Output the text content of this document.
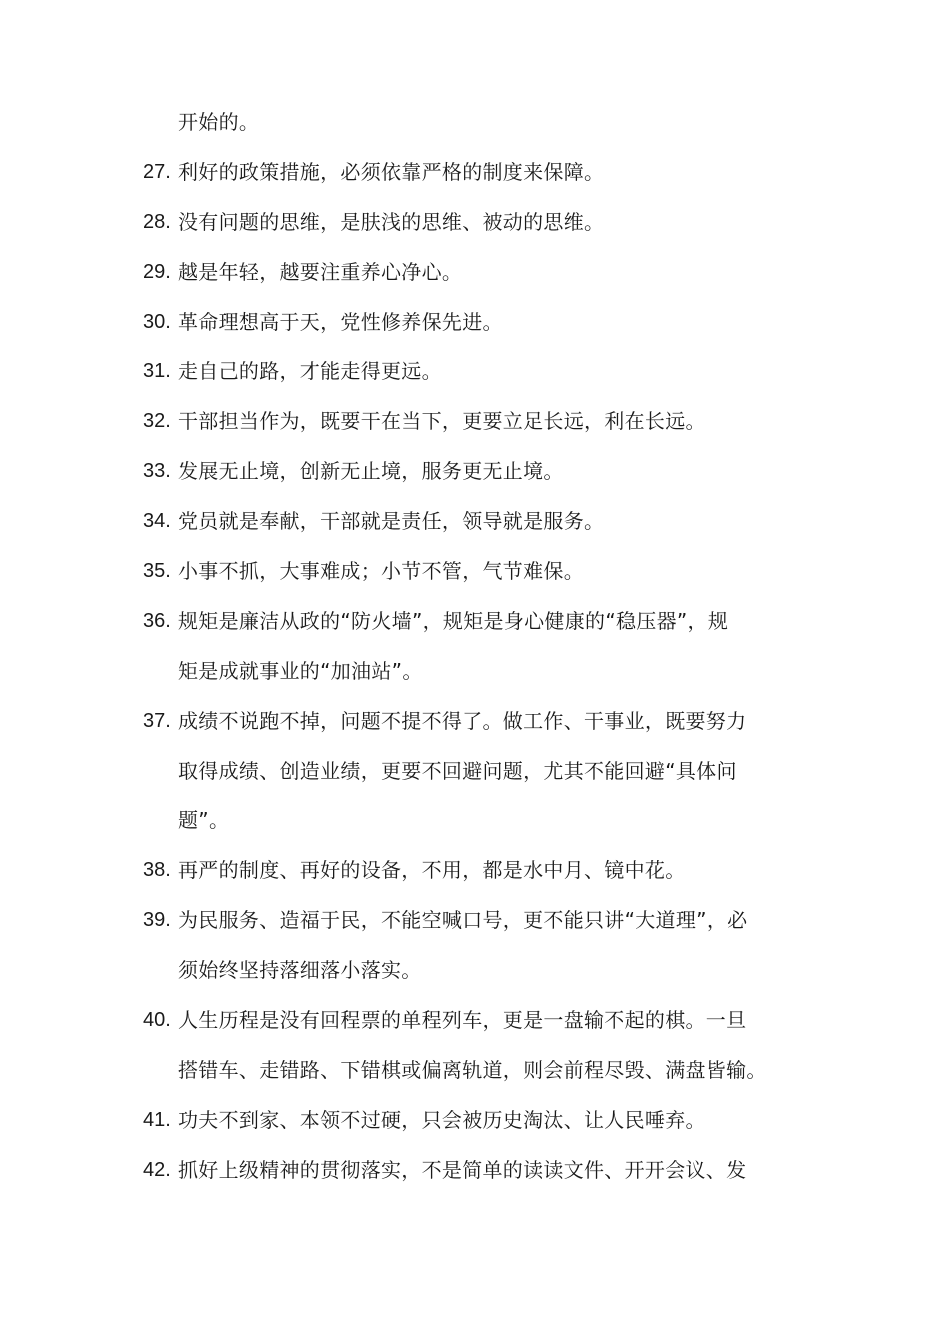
开始的。
27. 利好的政策措施，必须依靠严格的制度来保障。
28. 没有问题的思维，是肤浅的思维、被动的思维。
29. 越是年轻，越要注重养心净心。
30. 革命理想高于天，党性修养保先进。
31. 走自己的路，才能走得更远。
32. 干部担当作为，既要干在当下，更要立足长远，利在长远。
33. 发展无止境，创新无止境，服务更无止境。
34. 党员就是奉献，干部就是责任，领导就是服务。
35. 小事不抓，大事难成；小节不管，气节难保。
36. 规矩是廉洁从政的“防火墙”，规矩是身心健康的“稳压器”，规
矩是成就事业的“加油站”。
37. 成绩不说跑不掉，问题不提不得了。做工作、干事业，既要努力
取得成绩、创造业绩，更要不回避问题，尤其不能回避“具体问
题”。
38. 再严的制度、再好的设备，不用，都是水中月、镜中花。
39. 为民服务、造福于民，不能空喊口号，更不能只讲“大道理”，必
须始终坚持落细落小落实。
40. 人生历程是没有回程票的单程列车，更是一盘输不起的棋。一旦
搭错车、走错路、下错棋或偏离轨道，则会前程尽毁、满盘皆输。
41. 功夫不到家、本领不过硬，只会被历史淘汰、让人民唾弃。
42. 抓好上级精神的贯彻落实，不是简单的读读文件、开开会议、发
